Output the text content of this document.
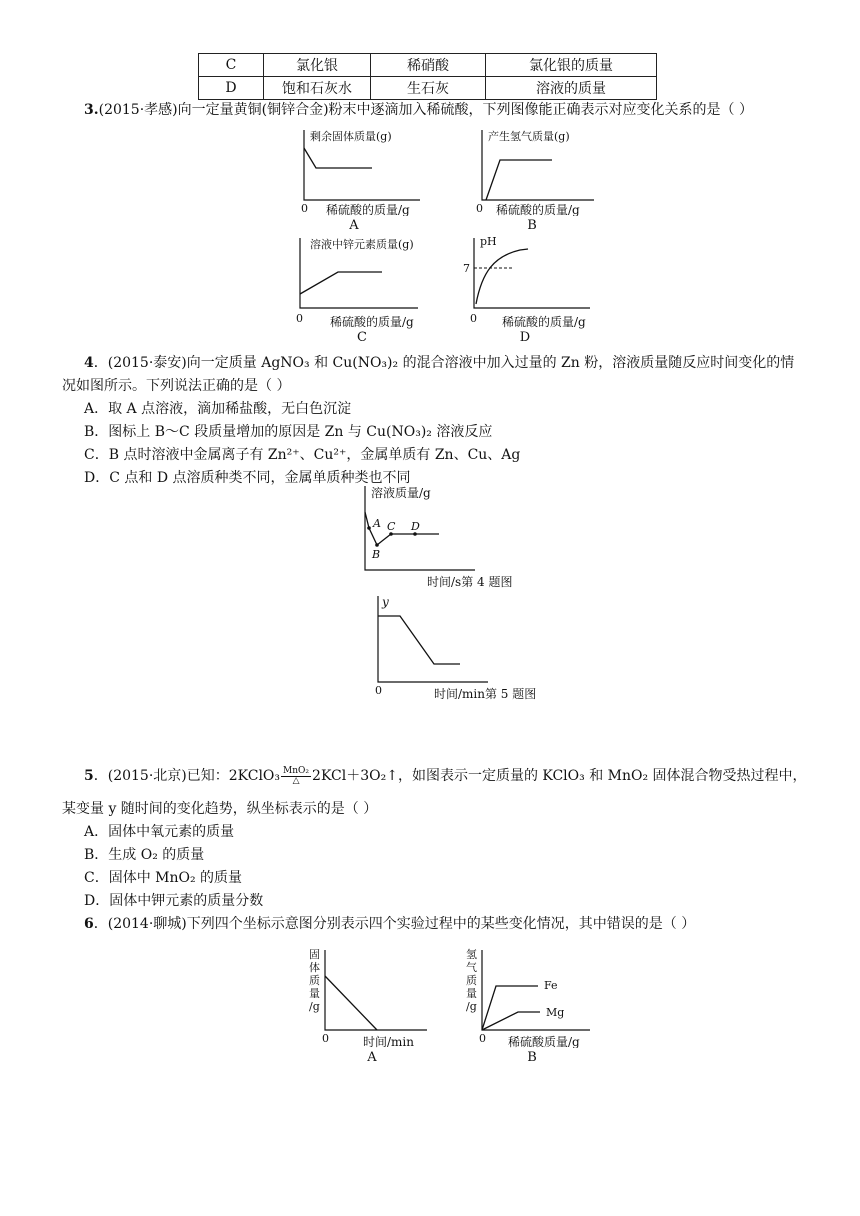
C	氯化银	稀硝酸	氯化银的质量
D	饱和石灰水	生石灰	溶液的质量
3.(2015·孝感)向一定量黄铜(铜锌合金)粉末中逐滴加入稀硫酸，下列图像能正确表示对应变化关系的是（ ）
剩余固体质量(g)
0 稀硫酸的质量/g
A
产生氢气质量(g)
0 稀硫酸的质量/g
B
溶液中锌元素质量(g)
0 稀硫酸的质量/g
C
pH
7
0 稀硫酸的质量/g
D
4．(2015·泰安)向一定质量 AgNO₃ 和 Cu(NO₃)₂ 的混合溶液中加入过量的 Zn 粉，溶液质量随反应时间变化的情
况如图所示。下列说法正确的是（ ）
A．取 A 点溶液，滴加稀盐酸，无白色沉淀
B．图标上 B～C 段质量增加的原因是 Zn 与 Cu(NO₃)₂ 溶液反应
C．B 点时溶液中金属离子有 Zn²⁺、Cu²⁺，金属单质有 Zn、Cu、Ag
D．C 点和 D 点溶质种类不同，金属单质种类也不同
溶液质量/g
A
B
C D
时间/s第 4 题图
y
0	时间/min第 5 题图
5．(2015·北京)已知：2KClO₃ $\frac{\text{MnO₂}}{\triangle}$ 2KCl＋3O₂↑，如图表示一定质量的 KClO₃ 和 MnO₂ 固体混合物受热过程中，
某变量 y 随时间的变化趋势，纵坐标表示的是（ ）
A．固体中氧元素的质量
B．生成 O₂ 的质量
C．固体中 MnO₂ 的质量
D．固体中钾元素的质量分数
6．(2014·聊城)下列四个坐标示意图分别表示四个实验过程中的某些变化情况，其中错误的是（ ）
固
体
质
量
/g
0	时间/min
A
氢
气
质
量
/g
Fe
Mg
0 稀硫酸质量/g
B
